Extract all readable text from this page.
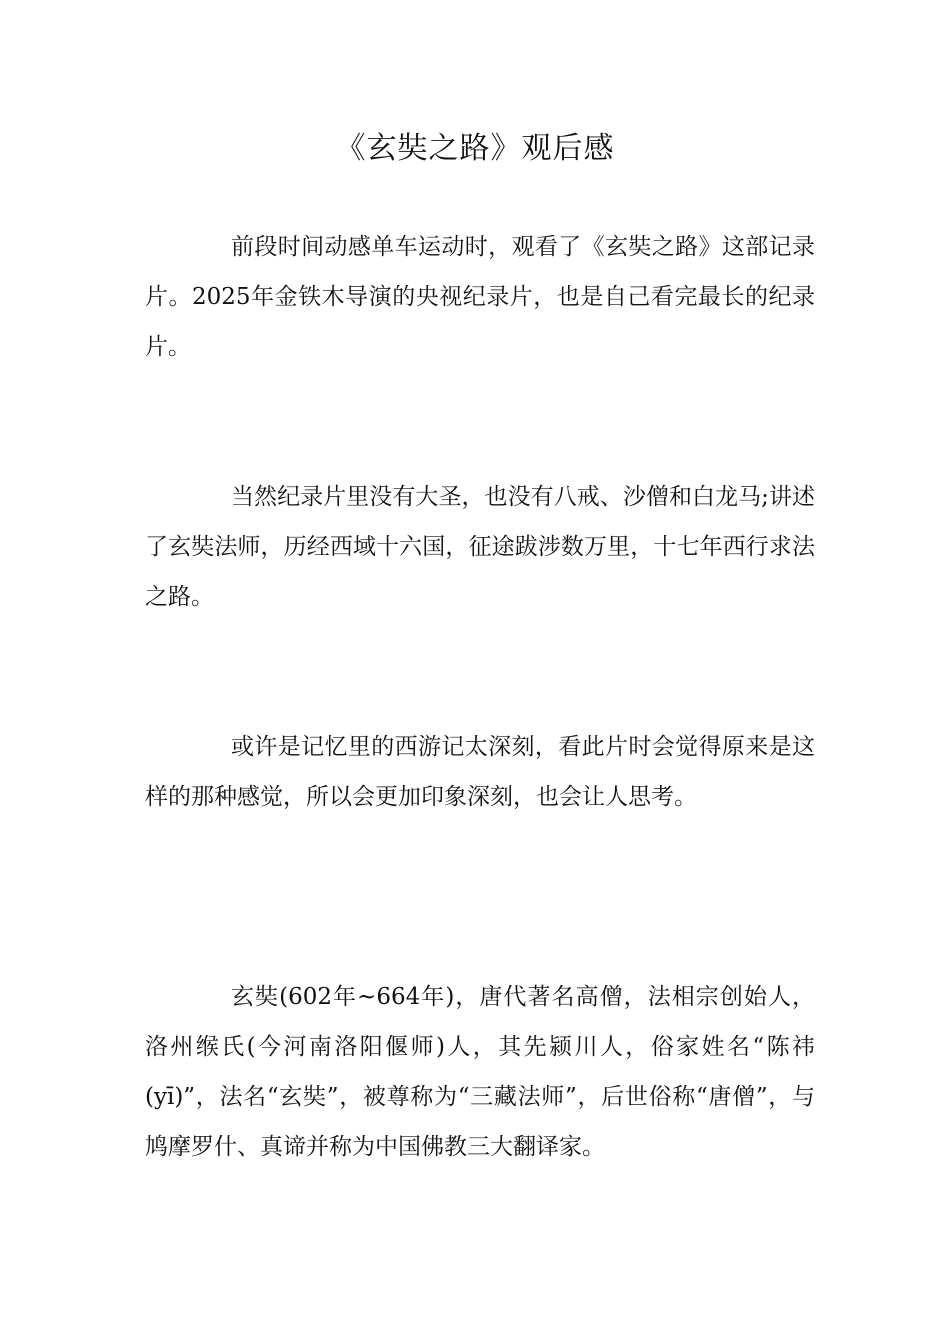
《玄奘之路》观后感

前段时间动感单车运动时，观看了《玄奘之路》这部记录片。2025年金铁木导演的央视纪录片，也是自己看完最长的纪录片。

当然纪录片里没有大圣，也没有八戒、沙僧和白龙马;讲述了玄奘法师，历经西域十六国，征途跋涉数万里，十七年西行求法之路。

或许是记忆里的西游记太深刻，看此片时会觉得原来是这样的那种感觉，所以会更加印象深刻，也会让人思考。

玄奘(602年~664年)，唐代著名高僧，法相宗创始人，洛州缑氏(今河南洛阳偃师)人，其先颍川人，俗家姓名“陈祎(yī)”，法名“玄奘”，被尊称为“三藏法师”，后世俗称“唐僧”，与鸠摩罗什、真谛并称为中国佛教三大翻译家。
